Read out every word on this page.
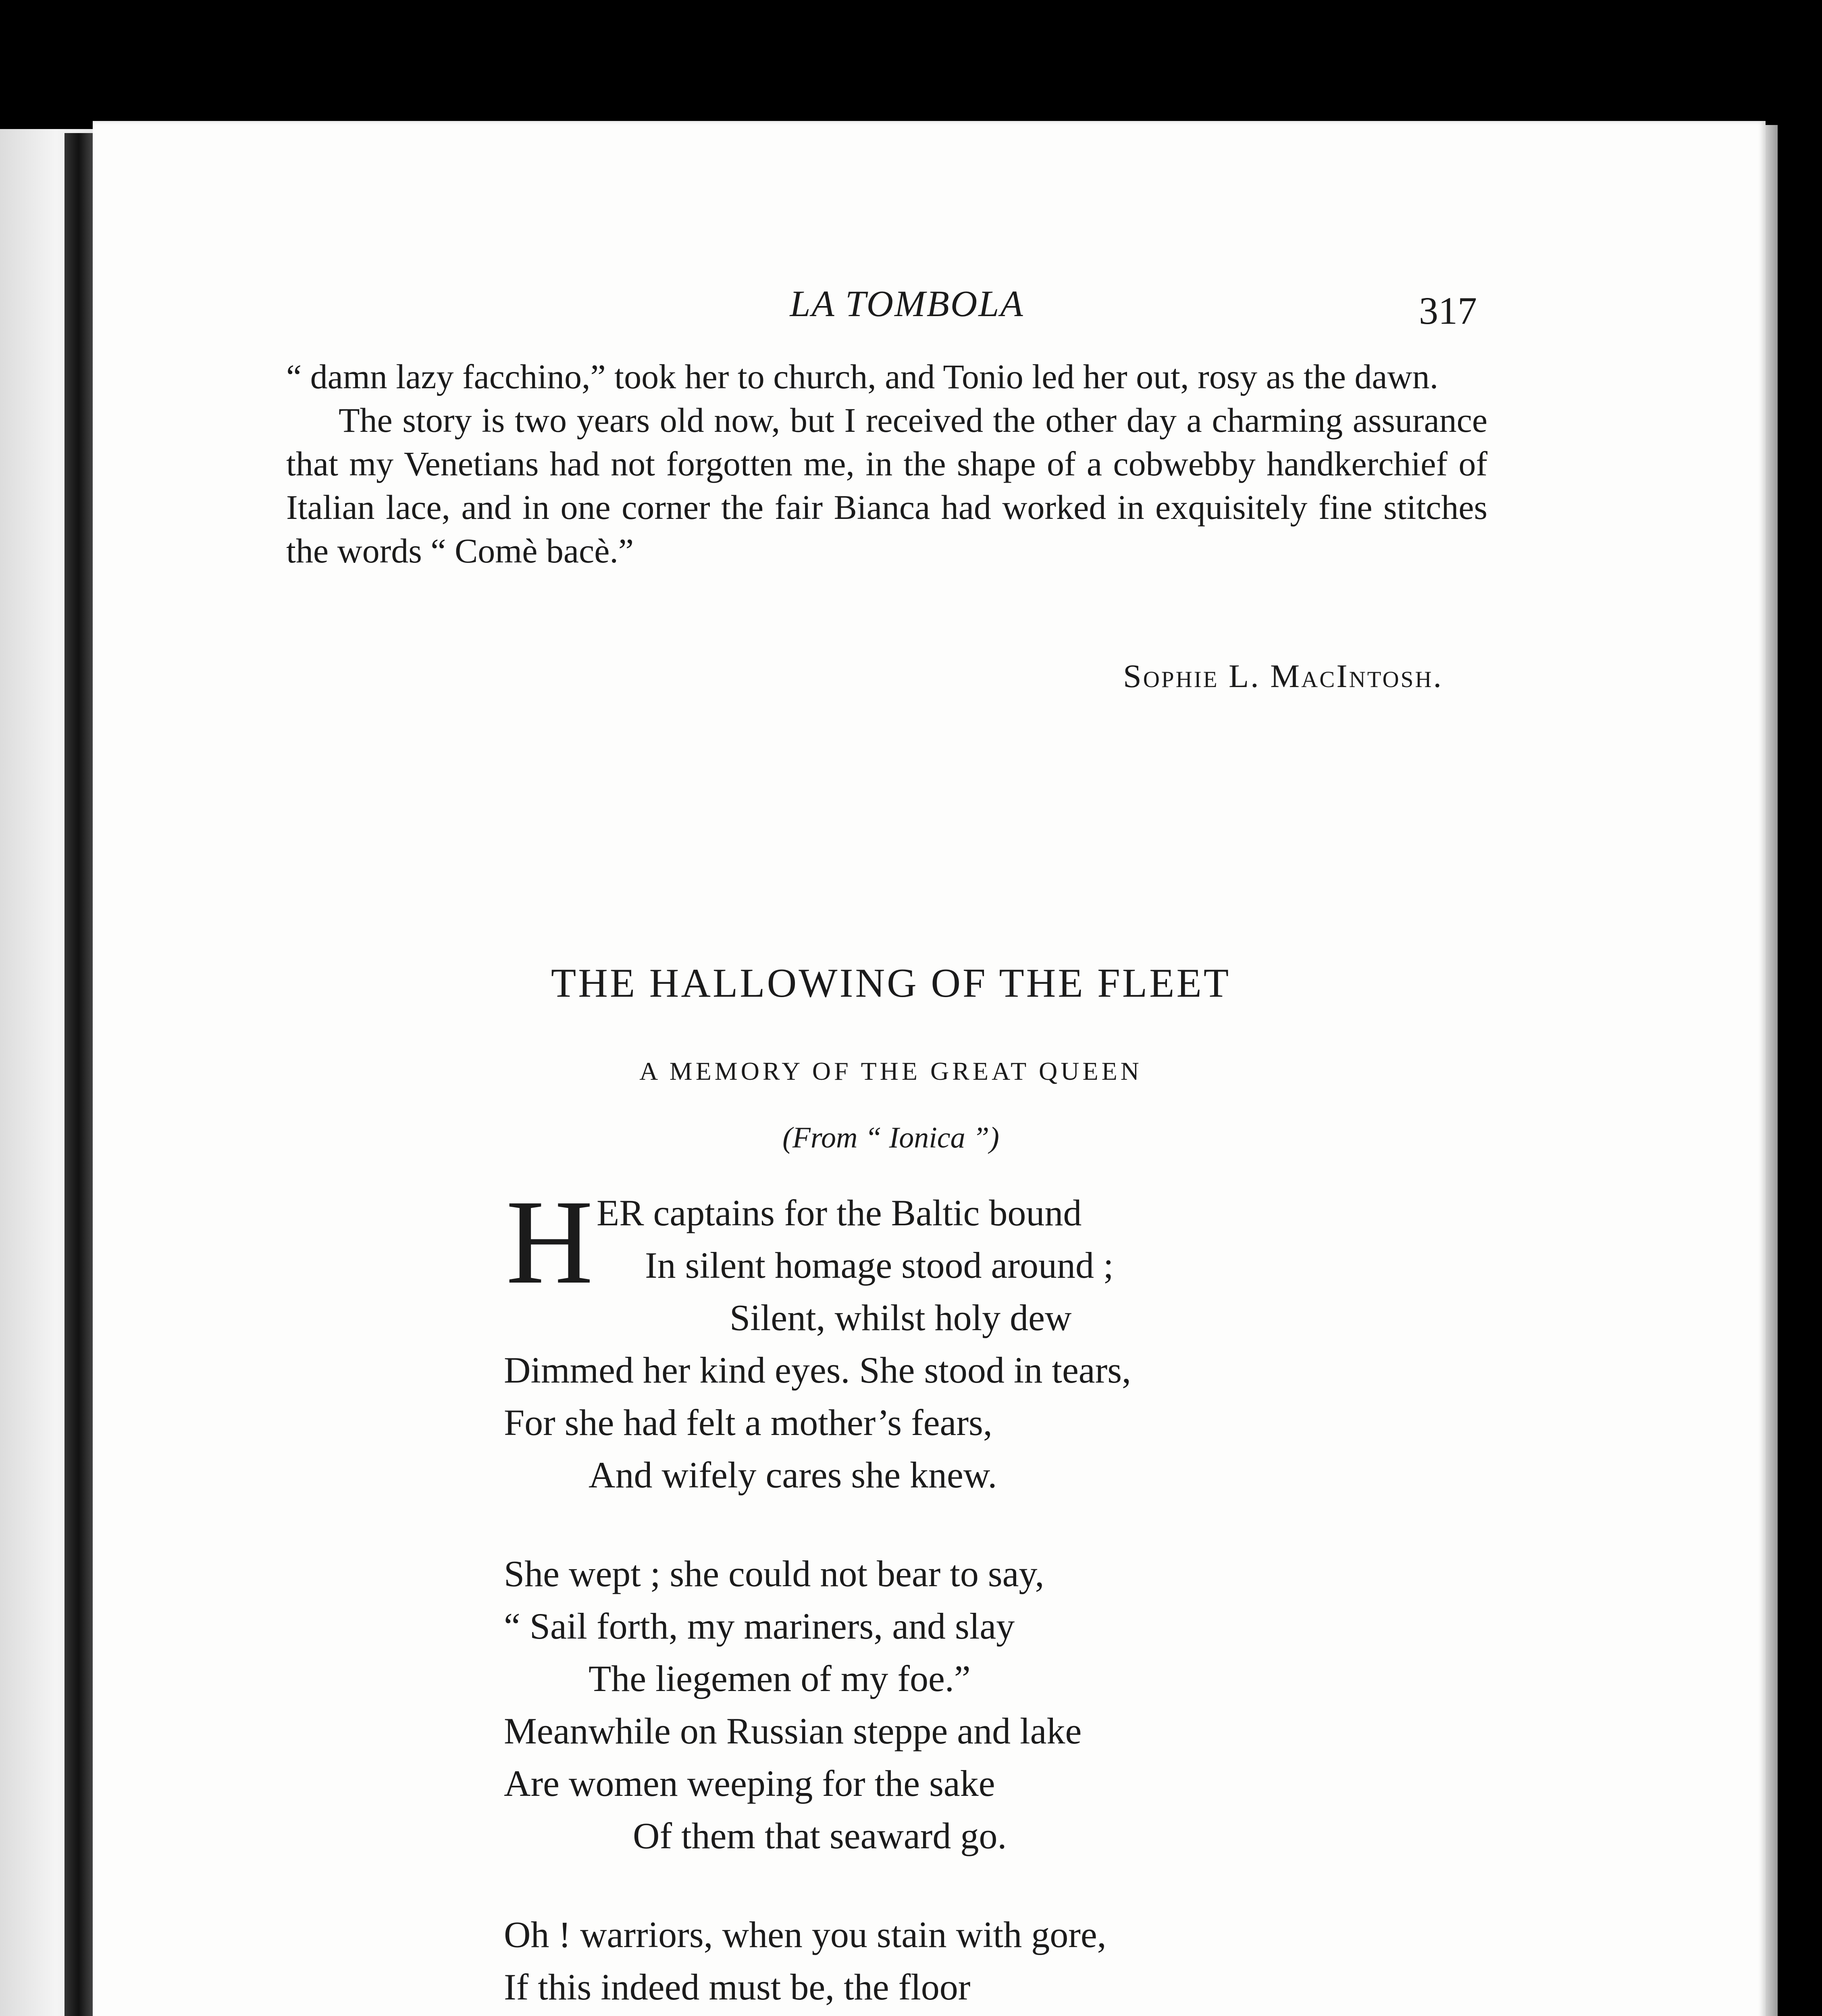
LA TOMBOLA	317

“ damn lazy facchino,” took her to church, and Tonio led her out, rosy as the dawn.

The story is two years old now, but I received the other day a charming assurance that my Venetians had not forgotten me, in the shape of a cobwebby handkerchief of Italian lace, and in one corner the fair Bianca had worked in exquisitely fine stitches the words “ Comè bacè.”

Sophie L. MacIntosh.
THE HALLOWING OF THE FLEET
A MEMORY OF THE GREAT QUEEN
(From “ Ionica ”)
H ER captains for the Baltic bound
In silent homage stood around ;
Silent, whilst holy dew
Dimmed her kind eyes. She stood in tears,
For she had felt a mother’s fears,
And wifely cares she knew.
She wept ; she could not bear to say,
“ Sail forth, my mariners, and slay
The liegemen of my foe.”
Meanwhile on Russian steppe and lake
Are women weeping for the sake
Of them that seaward go.
Oh ! warriors, when you stain with gore,
If this indeed must be, the floor
